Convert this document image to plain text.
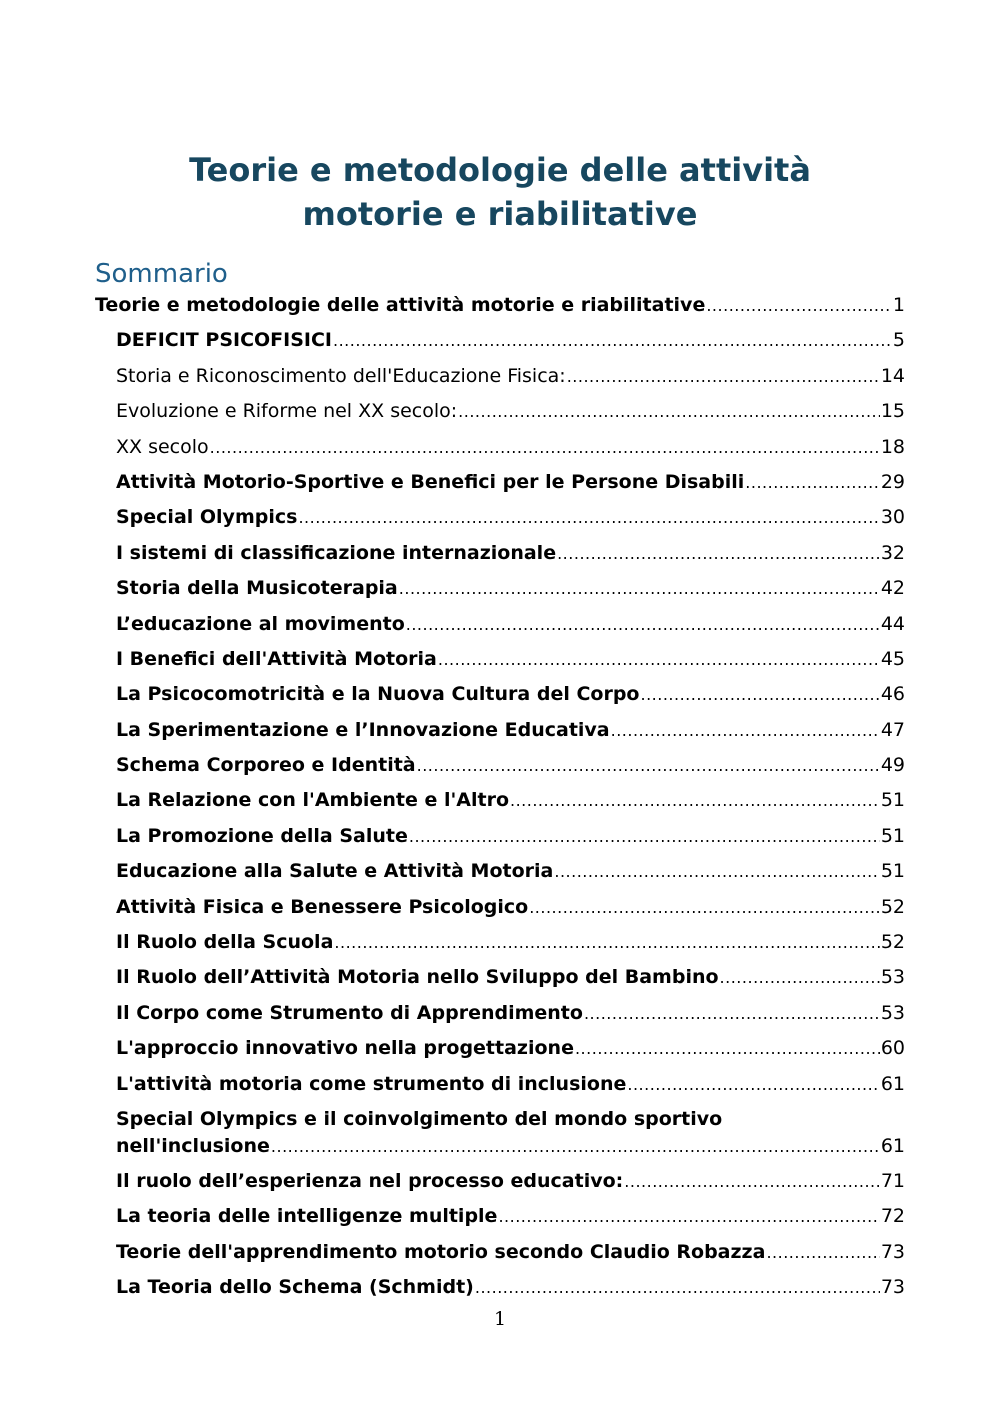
Teorie e metodologie delle attività
motorie e riabilitative
Sommario
Teorie e metodologie delle attività motorie e riabilitative .....	1
DEFICIT PSICOFISICI .....	5
Storia e Riconoscimento dell'Educazione Fisica: .....	14
Evoluzione e Riforme nel XX secolo: .....	15
XX secolo .....	18
Attività Motorio-Sportive e Benefici per le Persone Disabili .....	29
Special Olympics .....	30
I sistemi di classificazione internazionale .....	32
Storia della Musicoterapia .....	42
L’educazione al movimento .....	44
I Benefici dell'Attività Motoria .....	45
La Psicocomotricità e la Nuova Cultura del Corpo .....	46
La Sperimentazione e l’Innovazione Educativa .....	47
Schema Corporeo e Identità .....	49
La Relazione con l'Ambiente e l'Altro .....	51
La Promozione della Salute .....	51
Educazione alla Salute e Attività Motoria .....	51
Attività Fisica e Benessere Psicologico .....	52
Il Ruolo della Scuola .....	52
Il Ruolo dell’Attività Motoria nello Sviluppo del Bambino .....	53
Il Corpo come Strumento di Apprendimento .....	53
L'approccio innovativo nella progettazione .....	60
L'attività motoria come strumento di inclusione .....	61
Special Olympics e il coinvolgimento del mondo sportivo
nell'inclusione .....	61
Il ruolo dell’esperienza nel processo educativo: .....	71
La teoria delle intelligenze multiple .....	72
Teorie dell'apprendimento motorio secondo Claudio Robazza .....	73
La Teoria dello Schema (Schmidt) .....	73

1
